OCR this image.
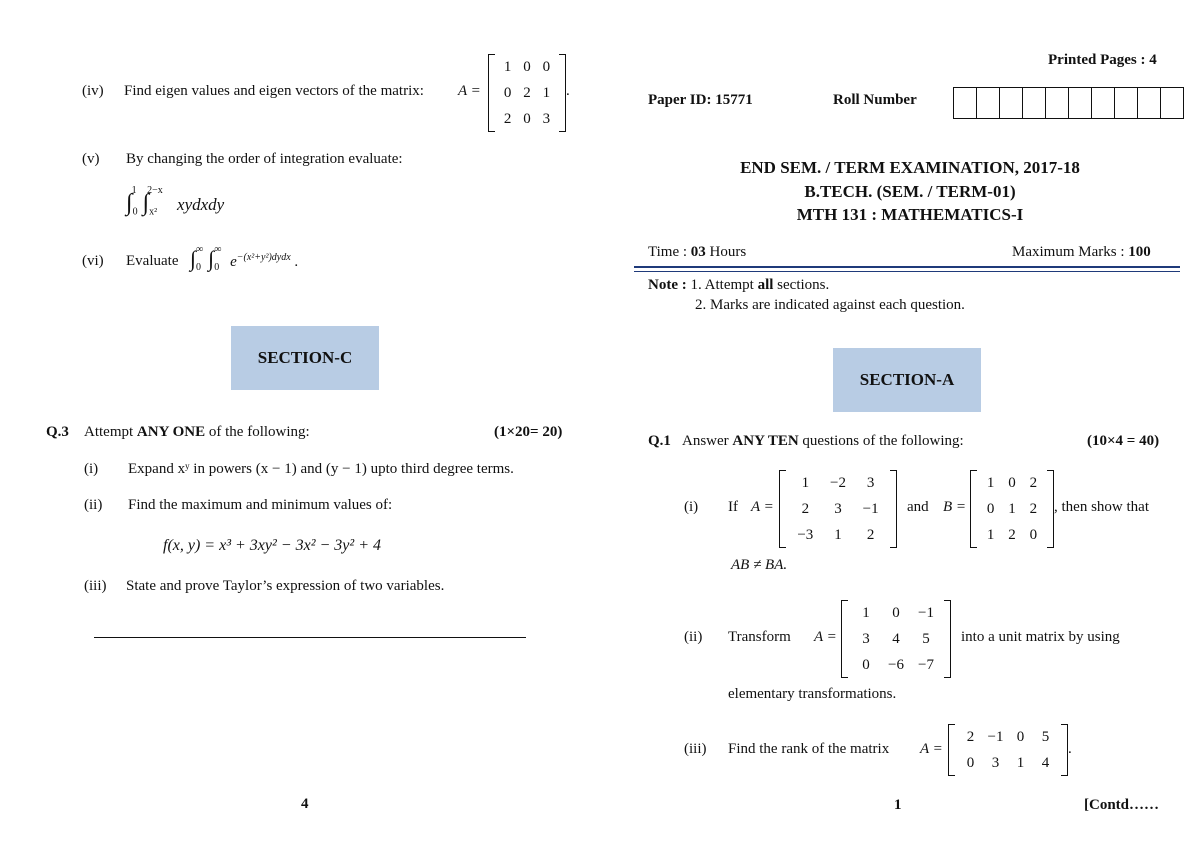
(iv) Find eigen values and eigen vectors of the matrix: A =
1 0 0
0 2 1
2 0 3
.
(v) By changing the order of integration evaluate:
$\int_0^1$ $\int_{x^2}^{2-x}$ xydxdy
(vi) Evaluate $\int_0^\infty$ $\int_0^\infty$ $e^{-(x^2+y^2)dydx}$ .
SECTION-C
Q.3 Attempt ANY ONE of the following:	(1×20= 20)
(i) Expand xʸ in powers (x − 1) and (y − 1) upto third degree terms.
(ii) Find the maximum and minimum values of:
f(x, y) = x³ + 3xy² − 3x² − 3y² + 4
(iii) State and prove Taylor’s expression of two variables.
4
Printed Pages : 4
Paper ID: 15771	Roll Number
END SEM. / TERM EXAMINATION, 2017-18
B.TECH. (SEM. / TERM-01)
MTH 131 : MATHEMATICS-I
Time : 03 Hours	Maximum Marks : 100
Note : 1. Attempt all sections.
2. Marks are indicated against each question.
SECTION-A
Q.1 Answer ANY TEN questions of the following:	(10×4 = 40)
(i) If A =
1	−2	3
2	3	−1
−3	1	2
and B =
1 0 2
0 1 2
1 2 0
, then show that
AB ≠ BA.
(ii) Transform A =
1	0	−1
3	4	5
0	−6 −7
into a unit matrix by using
elementary transformations.
(iii) Find the rank of the matrix A =
2 −1 0	5
0	3	1	4
.
1	[Contd……
